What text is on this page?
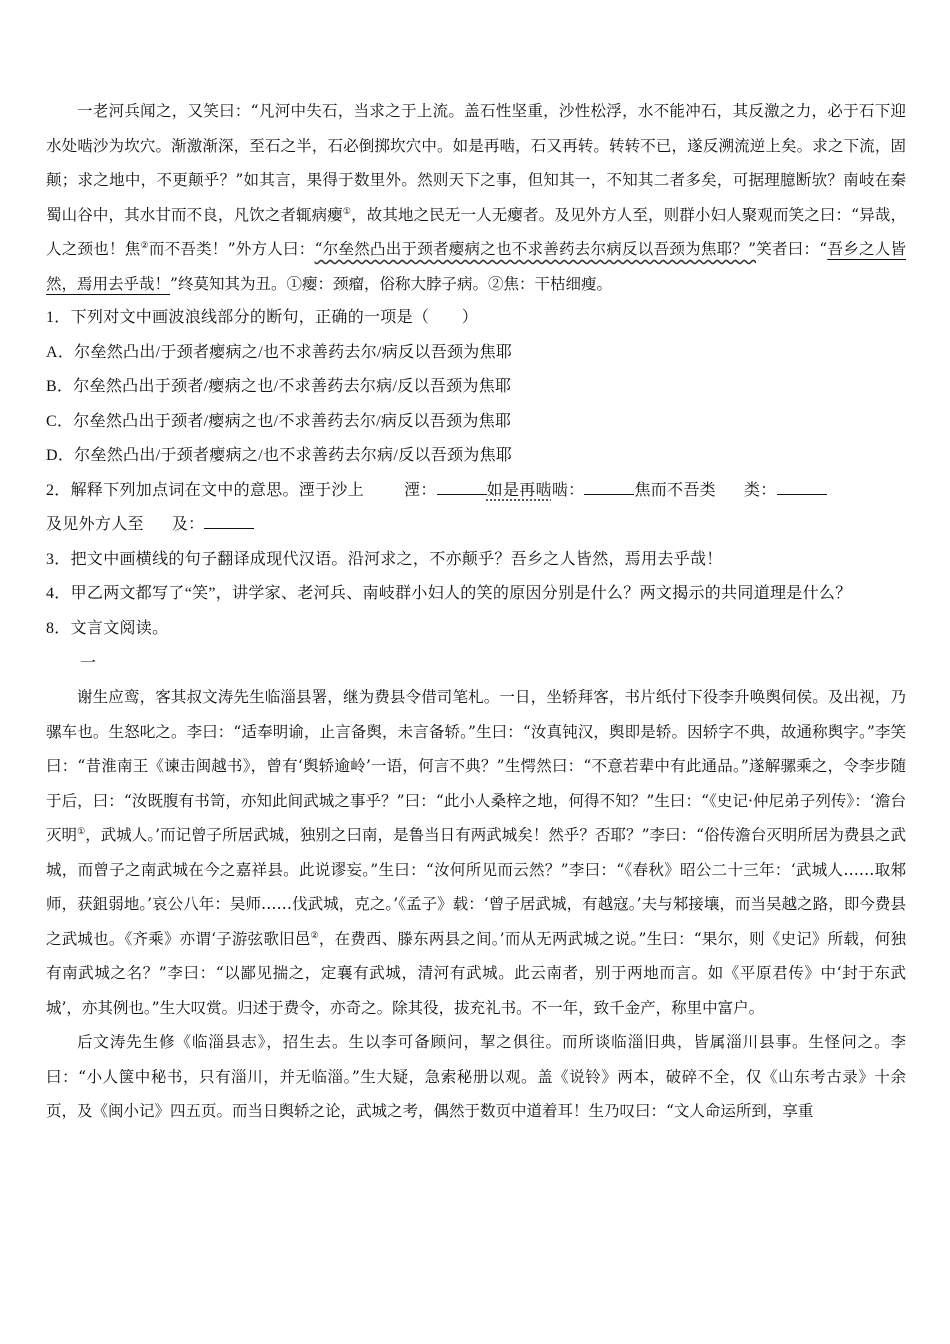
一老河兵闻之，又笑曰：“凡河中失石，当求之于上流。盖石性坚重，沙性松浮，水不能冲石，其反激之力，必于石下迎水处啮沙为坎穴。渐激渐深，至石之半，石必倒掷坎穴中。如是再啮，石又再转。转转不已，遂反溯流逆上矣。求之下流，固颠；求之地中，不更颠乎？”如其言，果得于数里外。然则天下之事，但知其一，不知其二者多矣，可据理臆断欤？南岐在秦蜀山谷中，其水甘而不良，凡饮之者辄病瘿①，故其地之民无一人无瘿者。及见外方人至，则群小妇人聚观而笑之曰：“异哉，人之颈也！焦②而不吾类！”外方人曰：“尔垒然凸出于颈者瘿病之也不求善药去尔病反以吾颈为焦耶？”笑者曰：“吾乡之人皆然，焉用去乎哉！”终莫知其为丑。①瘿：颈瘤，俗称大脖子病。②焦：干枯细瘦。

1．下列对文中画波浪线部分的断句，正确的一项是（　　）

A．尔垒然凸出/于颈者瘿病之/也不求善药去尔/病反以吾颈为焦耶

B．尔垒然凸出于颈者/瘿病之也/不求善药去尔病/反以吾颈为焦耶

C．尔垒然凸出于颈者/瘿病之也/不求善药去尔/病反以吾颈为焦耶

D．尔垒然凸出/于颈者瘿病之/也不求善药去尔病/反以吾颈为焦耶

2．解释下列加点词在文中的意思。湮于沙上	湮：	如是再啮啮：	焦而不吾类 类：
及见外方人至 及：

3．把文中画横线的句子翻译成现代汉语。沿河求之，不亦颠乎？吾乡之人皆然，焉用去乎哉！

4．甲乙两文都写了“笑”，讲学家、老河兵、南岐群小妇人的笑的原因分别是什么？两文揭示的共同道理是什么？

8．文言文阅读。

一

谢生应鸾，客其叔文涛先生临淄县署，继为费县令借司笔札。一日，坐轿拜客，书片纸付下役李升唤舆伺侯。及出视，乃骡车也。生怒叱之。李曰：“适奉明谕，止言备舆，未言备轿。”生曰：“汝真钝汉，舆即是轿。因轿字不典，故通称舆字。”李笑曰：“昔淮南王《谏击闽越书》，曾有‘舆轿逾岭’一语，何言不典？”生愕然曰：“不意若辈中有此通品。”遂解骡乘之，令李步随于后，曰：“汝既腹有书笥，亦知此间武城之事乎？”曰：“此小人桑梓之地，何得不知？”生曰：“《史记·仲尼弟子列传》：‘澹台灭明①，武城人。’而记曾子所居武城，独别之曰南，是鲁当日有两武城矣！然乎？否耶？”李曰：“俗传澹台灭明所居为费县之武城，而曾子之南武城在今之嘉祥县。此说谬妄。”生曰：“汝何所见而云然？”李曰：“《春秋》昭公二十三年：‘武城人……取邾师，获鉏弱地。’哀公八年：吴师……伐武城，克之。’《孟子》载：‘曾子居武城，有越寇。’夫与邾接壤，而当吴越之路，即今费县之武城也。《齐乘》亦谓‘子游弦歌旧邑②，在费西、滕东两县之间。’而从无两武城之说。”生曰：“果尔，则《史记》所载，何独有南武城之名？”李曰：“以鄙见揣之，定襄有武城，清河有武城。此云南者，别于两地而言。如《平原君传》中‘封于东武城’，亦其例也。”生大叹赏。归述于费令，亦奇之。除其役，拔充礼书。不一年，致千金产，称里中富户。

后文涛先生修《临淄县志》，招生去。生以李可备顾问，挈之俱往。而所谈临淄旧典，皆属淄川县事。生怪问之。李曰：“小人箧中秘书，只有淄川，并无临淄。”生大疑，急索秘册以观。盖《说铃》两本，破碎不全，仅《山东考古录》十余页，及《闽小记》四五页。而当日舆轿之论，武城之考，偶然于数页中道着耳！生乃叹曰：“文人命运所到，享重
